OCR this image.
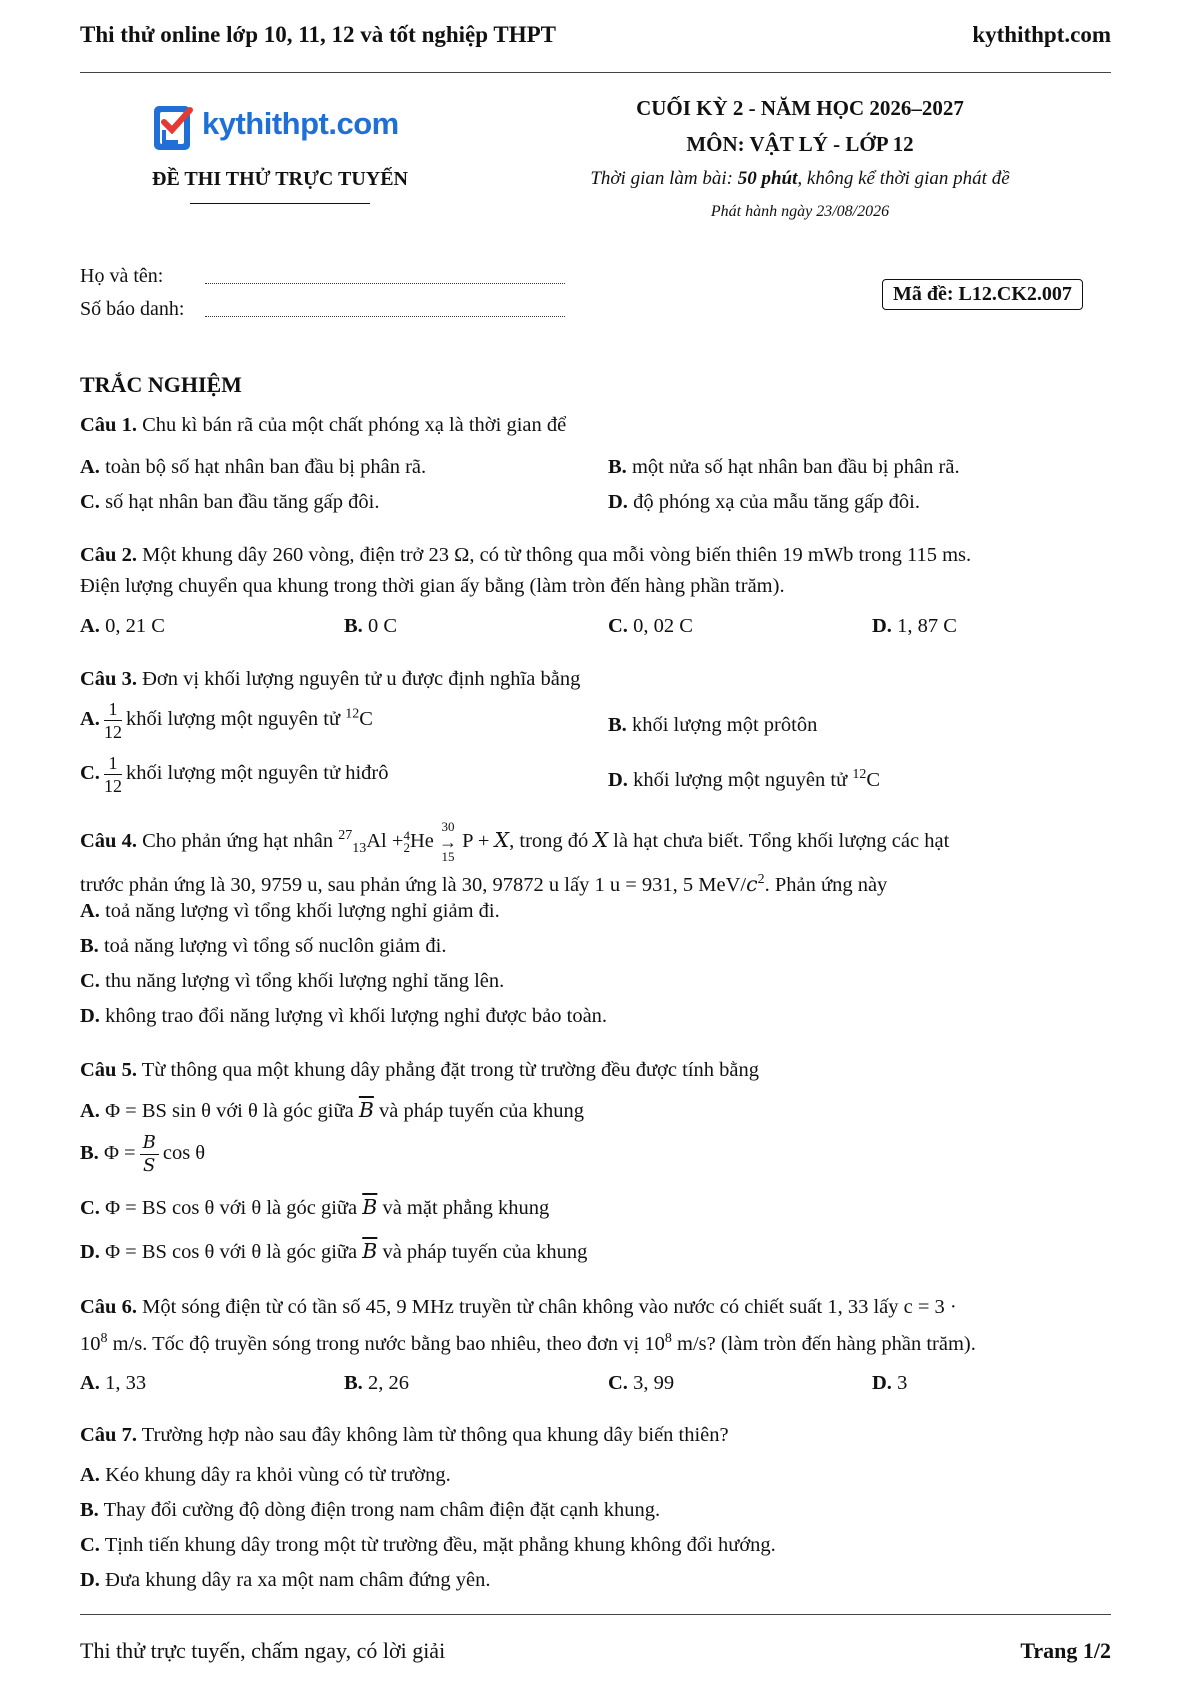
Thi thử online lớp 10, 11, 12 và tốt nghiệp THPT	kythithpt.com
kythithpt.com
ĐỀ THI THỬ TRỰC TUYẾN
CUỐI KỲ 2 - NĂM HỌC 2026–2027
MÔN: VẬT LÝ - LỚP 12
Thời gian làm bài: 50 phút, không kể thời gian phát đề
Phát hành ngày 23/08/2026
Họ và tên:
Số báo danh:
Mã đề: L12.CK2.007
TRẮC NGHIỆM
Câu 1. Chu kì bán rã của một chất phóng xạ là thời gian để
A. toàn bộ số hạt nhân ban đầu bị phân rã.	B. một nửa số hạt nhân ban đầu bị phân rã.
C. số hạt nhân ban đầu tăng gấp đôi.	D. độ phóng xạ của mẫu tăng gấp đôi.
Câu 2. Một khung dây 260 vòng, điện trở 23 Ω, có từ thông qua mỗi vòng biến thiên 19 mWb trong 115 ms.
Điện lượng chuyển qua khung trong thời gian ấy bằng (làm tròn đến hàng phần trăm).
A. 0, 21 C	B. 0 C	C. 0, 02 C	D. 1, 87 C
Câu 3. Đơn vị khối lượng nguyên tử u được định nghĩa bằng
A. $\frac{1}{12}$ khối lượng một nguyên tử $^{12}$C	B. khối lượng một prôtôn
C. $\frac{1}{12}$ khối lượng một nguyên tử hiđrô	D. khối lượng một nguyên tử $^{12}$C
Câu 4. Cho phản ứng hạt nhân $^{27}_{13}$Al + 4
2 He
30
→
15
P + X, trong đó X là hạt chưa biết. Tổng khối lượng các hạt
trước phản ứng là 30, 9759 u, sau phản ứng là 30, 97872 u lấy 1 u = 931, 5 MeV/$c^2$. Phản ứng này
A. toả năng lượng vì tổng khối lượng nghỉ giảm đi.
B. toả năng lượng vì tổng số nuclôn giảm đi.
C. thu năng lượng vì tổng khối lượng nghỉ tăng lên.
D. không trao đổi năng lượng vì khối lượng nghỉ được bảo toàn.
Câu 5. Từ thông qua một khung dây phẳng đặt trong từ trường đều được tính bằng
A. Φ = BS sin θ với θ là góc giữa $\overline{B}$ và pháp tuyến của khung
B. $\Phi = \frac{B}{S}$ cos θ
C. Φ = BS cos θ với θ là góc giữa $\overline{B}$ và mặt phẳng khung
D. Φ = BS cos θ với θ là góc giữa $\overline{B}$ và pháp tuyến của khung
Câu 6. Một sóng điện từ có tần số 45, 9 MHz truyền từ chân không vào nước có chiết suất 1, 33 lấy c = 3 ·
$10^8$ m/s. Tốc độ truyền sóng trong nước bằng bao nhiêu, theo đơn vị $10^8$ m/s? (làm tròn đến hàng phần trăm).
A. 1, 33	B. 2, 26	C. 3, 99	D. 3
Câu 7. Trường hợp nào sau đây không làm từ thông qua khung dây biến thiên?
A. Kéo khung dây ra khỏi vùng có từ trường.
B. Thay đổi cường độ dòng điện trong nam châm điện đặt cạnh khung.
C. Tịnh tiến khung dây trong một từ trường đều, mặt phẳng khung không đổi hướng.
D. Đưa khung dây ra xa một nam châm đứng yên.
Thi thử trực tuyến, chấm ngay, có lời giải	Trang 1/2
